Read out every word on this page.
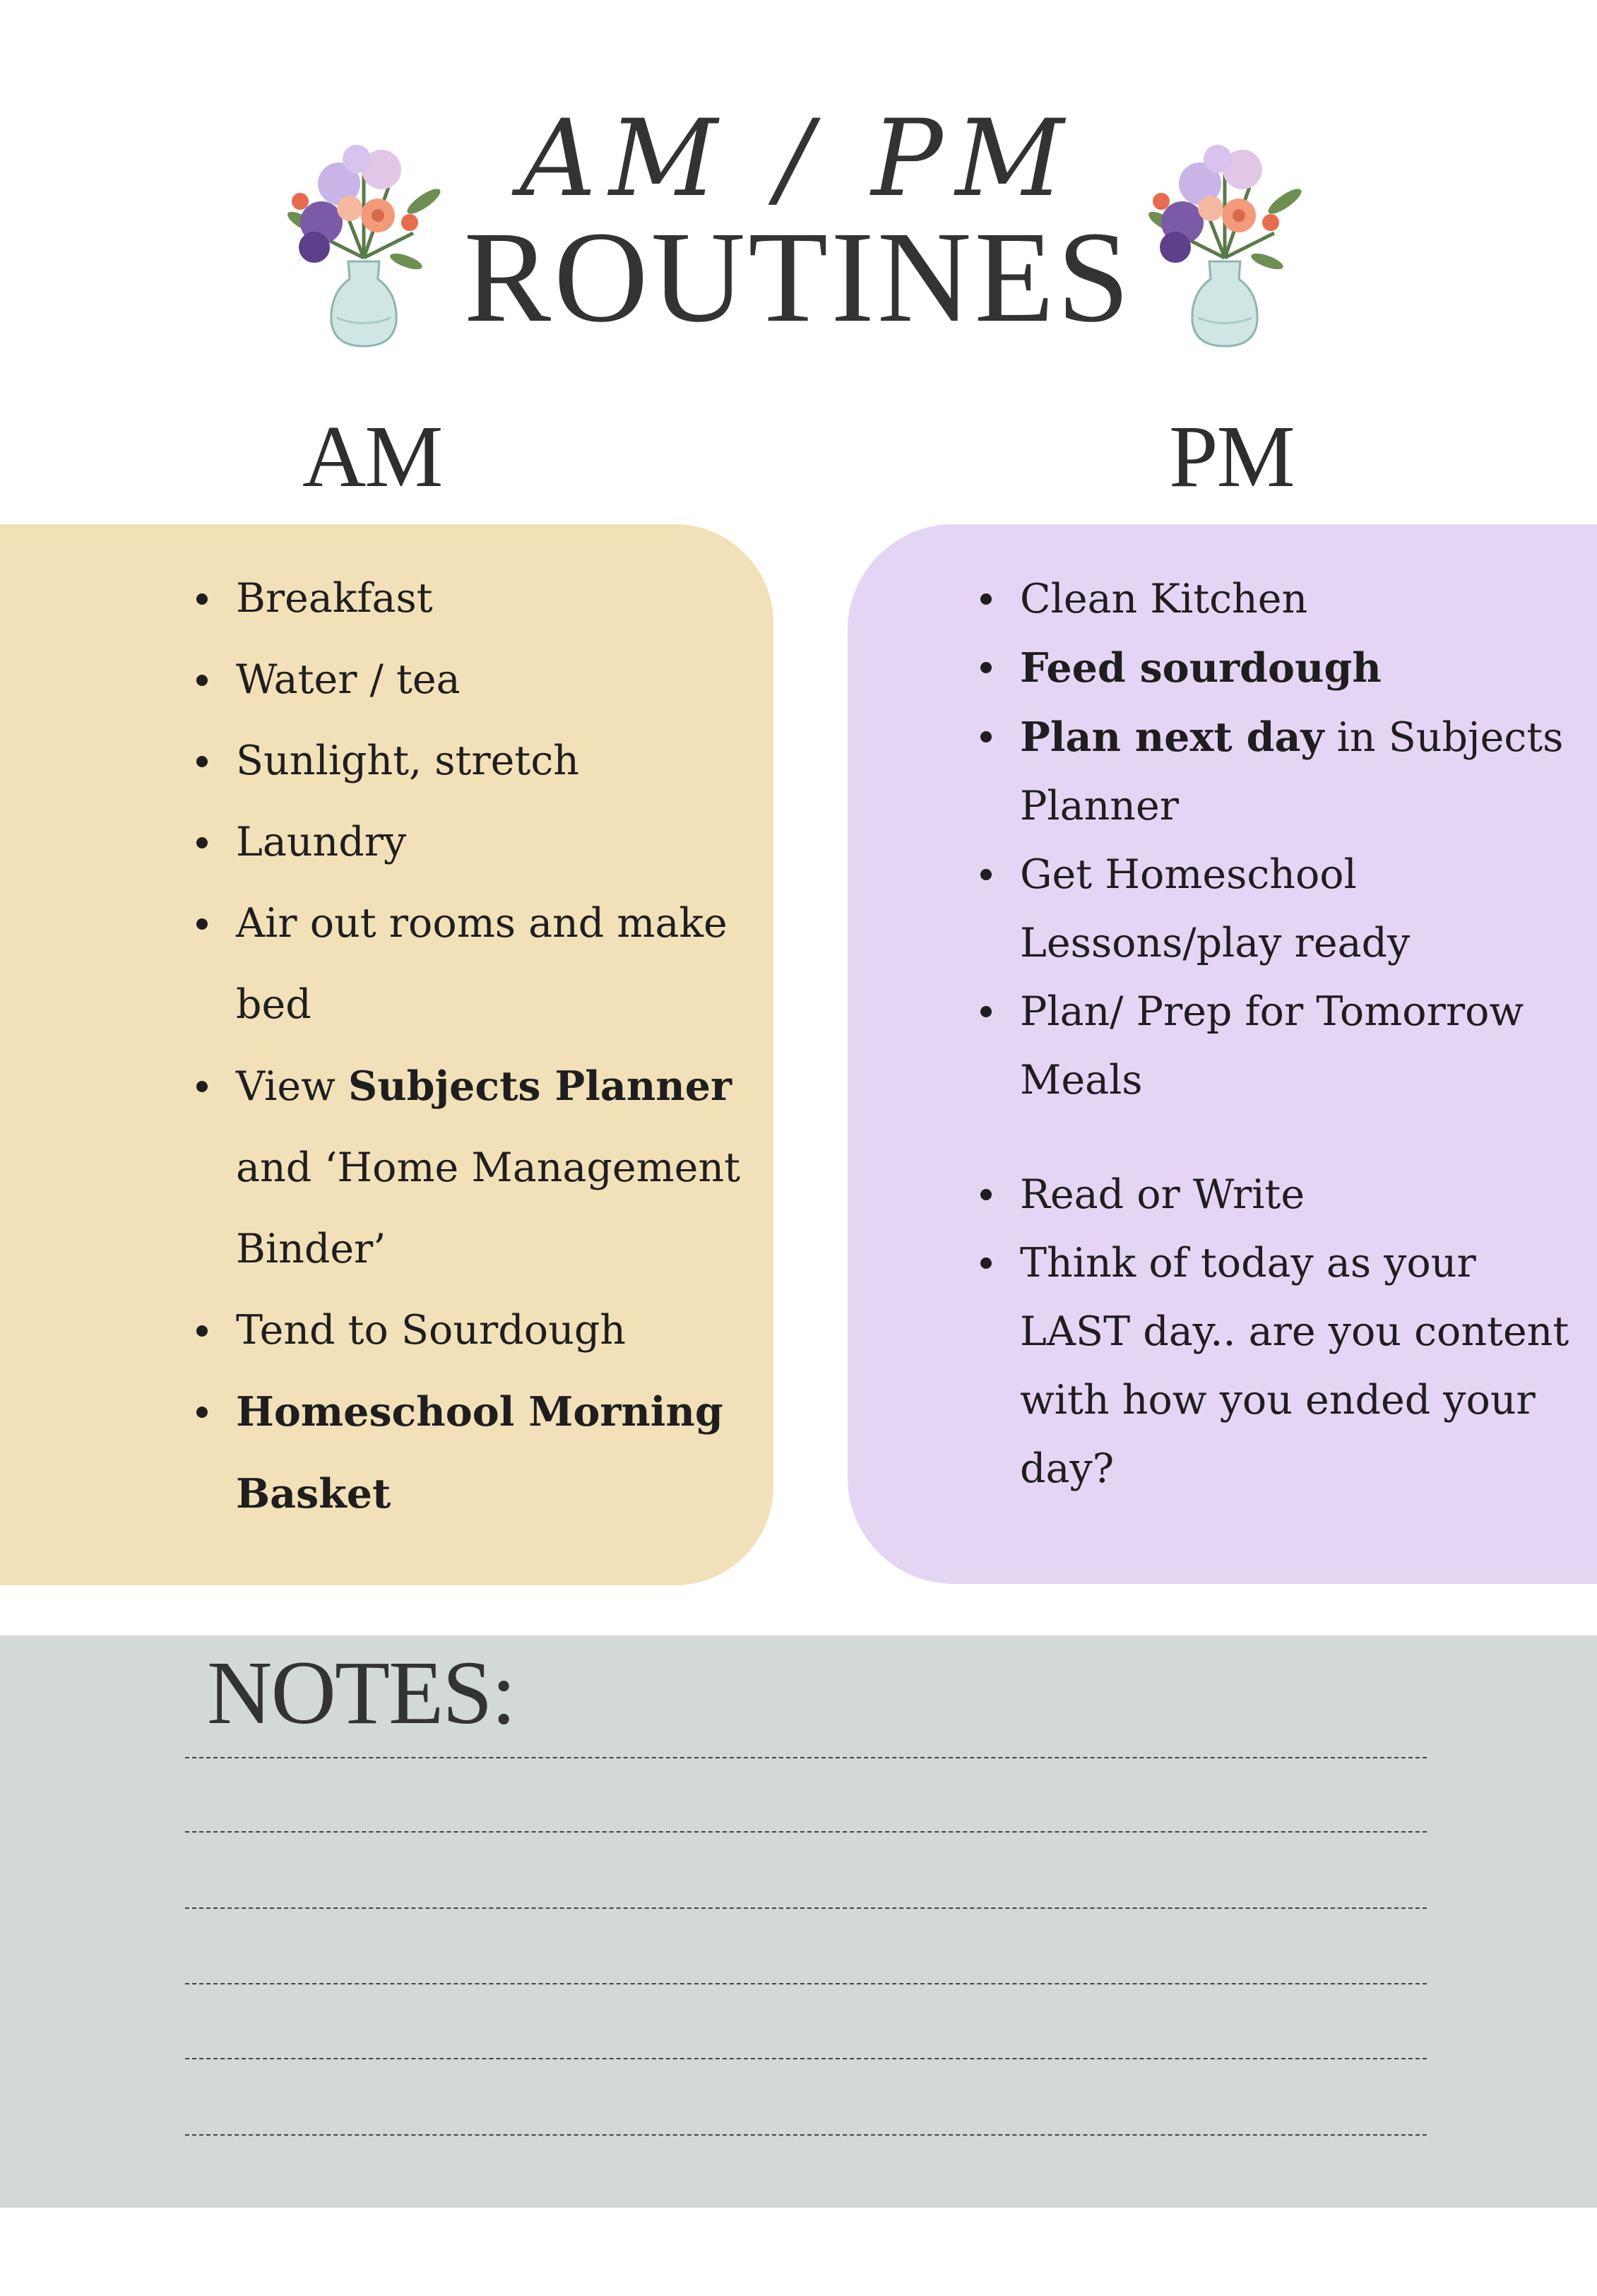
AM / PM
ROUTINES
AM	PM
Breakfast
Water / tea
Sunlight, stretch
Laundry
Air out rooms and make bed
View Subjects Planner and ‘Home Management Binder’
Tend to Sourdough
Homeschool Morning Basket
Clean Kitchen
Feed sourdough
Plan next day in Subjects Planner
Get Homeschool Lessons/play ready
Plan/ Prep for Tomorrow Meals
Read or Write
Think of today as your LAST day.. are you content with how you ended your day?
NOTES:
